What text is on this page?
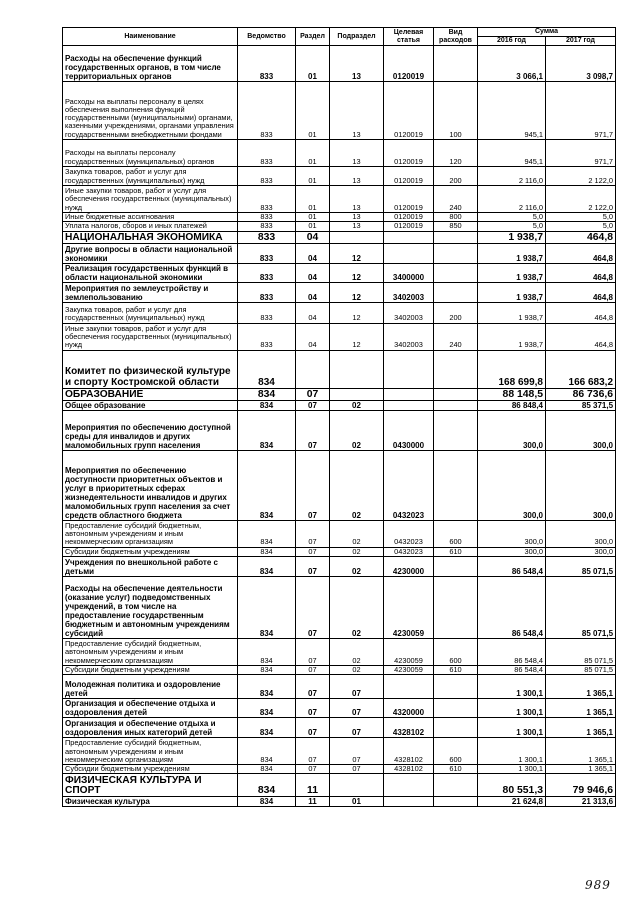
Наименование	Ведомство	Раздел	Подраздел	Целевая статья	Вид расходов	Сумма	
						2016 год	2017 год
Расходы на обеспечение функций государственных органов, в том числе территориальных органов	833	01	13	0120019		3 066,1	3 098,7
Расходы на выплаты персоналу в целях обеспечения выполнения функций государственными (муниципальными) органами, казенными учреждениями, органами управления государственными внебюджетными фондами	833	01	13	0120019	100	945,1	971,7
Расходы на выплаты персоналу государственных (муниципальных) органов	833	01	13	0120019	120	945,1	971,7
Закупка товаров, работ и услуг для государственных (муниципальных) нужд	833	01	13	0120019	200	2 116,0	2 122,0
Иные закупки товаров, работ и услуг для обеспечения государственных (муниципальных) нужд	833	01	13	0120019	240	2 116,0	2 122,0
Иные бюджетные ассигнования	833	01	13	0120019	800	5,0	5,0
Уплата налогов, сборов и иных платежей	833	01	13	0120019	850	5,0	5,0
НАЦИОНАЛЬНАЯ ЭКОНОМИКА	833	04				1 938,7	464,8
Другие вопросы в области национальной экономики	833	04	12			1 938,7	464,8
Реализация государственных функций в области национальной экономики	833	04	12	3400000		1 938,7	464,8
Мероприятия по землеустройству и землепользованию	833	04	12	3402003		1 938,7	464,8
Закупка товаров, работ и услуг для государственных (муниципальных) нужд	833	04	12	3402003	200	1 938,7	464,8
Иные закупки товаров, работ и услуг для обеспечения государственных (муниципальных) нужд	833	04	12	3402003	240	1 938,7	464,8
Комитет по физической культуре и спорту Костромской области	834					168 699,8	166 683,2
ОБРАЗОВАНИЕ	834	07				88 148,5	86 736,6
Общее образование	834	07	02			86 848,4	85 371,5
Мероприятия по обеспечению доступной среды для инвалидов и других маломобильных групп населения	834	07	02	0430000		300,0	300,0
Мероприятия по обеспечению доступности приоритетных объектов и услуг в приоритетных сферах жизнедеятельности инвалидов и других маломобильных групп населения за счет средств областного бюджета	834	07	02	0432023		300,0	300,0
Предоставление субсидий бюджетным, автономным учреждениям и иным некоммерческим организациям	834	07	02	0432023	600	300,0	300,0
Субсидии бюджетным учреждениям	834	07	02	0432023	610	300,0	300,0
Учреждения по внешкольной работе с детьми	834	07	02	4230000		86 548,4	85 071,5
Расходы на обеспечение деятельности (оказание услуг) подведомственных учреждений, в том числе на предоставление государственным бюджетным и автономным учреждениям субсидий	834	07	02	4230059		86 548,4	85 071,5
Предоставление субсидий бюджетным, автономным учреждениям и иным некоммерческим организациям	834	07	02	4230059	600	86 548,4	85 071,5
Субсидии бюджетным учреждениям	834	07	02	4230059	610	86 548,4	85 071,5
Молодежная политика и оздоровление детей	834	07	07			1 300,1	1 365,1
Организация и обеспечение отдыха и оздоровления детей	834	07	07	4320000		1 300,1	1 365,1
Организация и обеспечение отдыха и оздоровления иных категорий детей	834	07	07	4328102		1 300,1	1 365,1
Предоставление субсидий бюджетным, автономным учреждениям и иным некоммерческим организациям	834	07	07	4328102	600	1 300,1	1 365,1
Субсидии бюджетным учреждениям	834	07	07	4328102	610	1 300,1	1 365,1
ФИЗИЧЕСКАЯ КУЛЬТУРА И СПОРТ	834	11				80 551,3	79 946,6
Физическая культура	834	11	01			21 624,8	21 313,6
989
